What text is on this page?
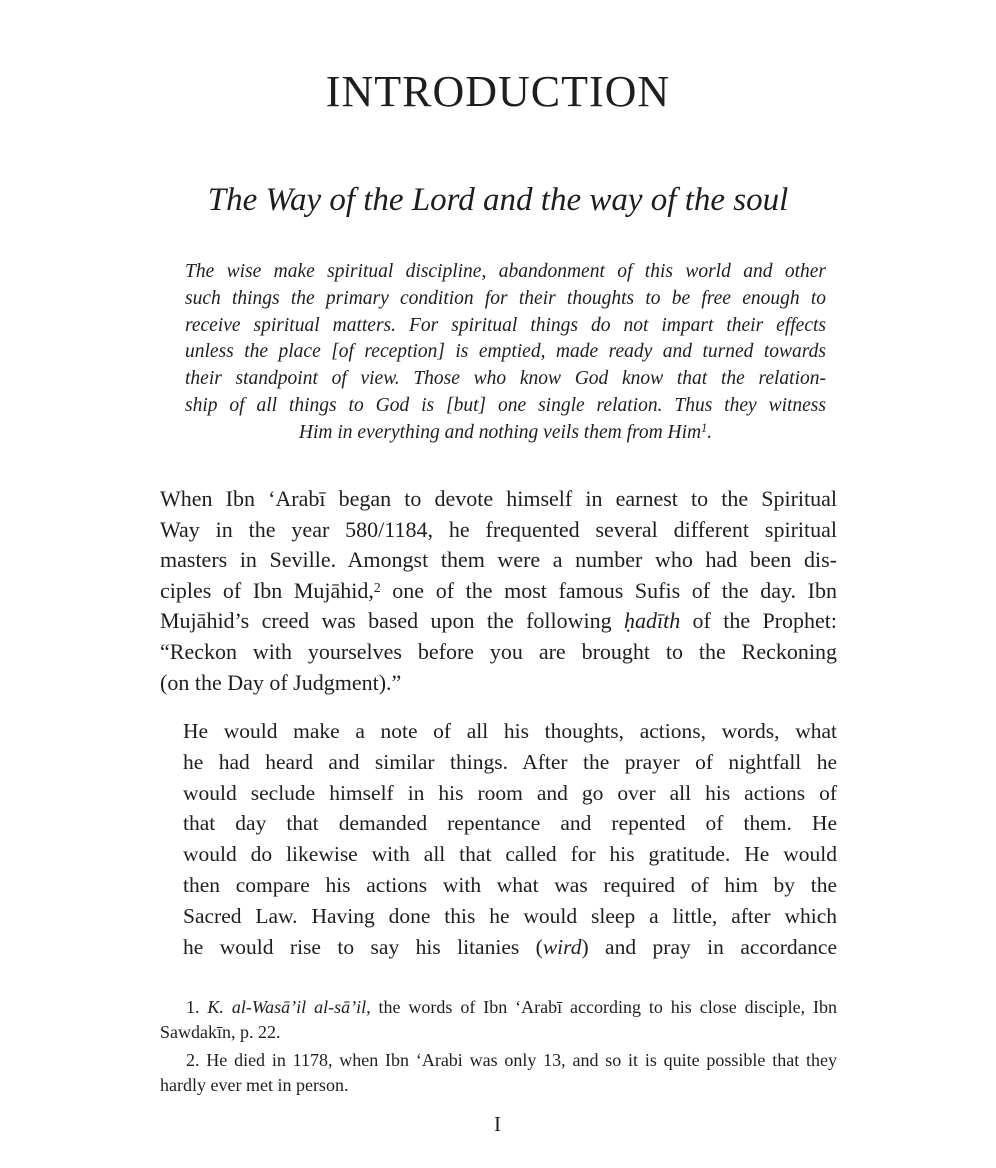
INTRODUCTION
The Way of the Lord and the way of the soul
The wise make spiritual discipline, abandonment of this world and other
such things the primary condition for their thoughts to be free enough to
receive spiritual matters. For spiritual things do not impart their effects
unless the place [of reception] is emptied, made ready and turned towards
their standpoint of view. Those who know God know that the relation-
ship of all things to God is [but] one single relation. Thus they witness
Him in everything and nothing veils them from Him$^1$.
When Ibn ‘Arabī began to devote himself in earnest to the Spiritual
Way in the year 580/1184, he frequented several different spiritual
masters in Seville. Amongst them were a number who had been dis-
ciples of Ibn Mujāhid,$^2$ one of the most famous Sufis of the day. Ibn
Mujāhid’s creed was based upon the following ḥadīth of the Prophet:
“Reckon with yourselves before you are brought to the Reckoning
(on the Day of Judgment).”
He would make a note of all his thoughts, actions, words, what
he had heard and similar things. After the prayer of nightfall he
would seclude himself in his room and go over all his actions of
that day that demanded repentance and repented of them. He
would do likewise with all that called for his gratitude. He would
then compare his actions with what was required of him by the
Sacred Law. Having done this he would sleep a little, after which
he would rise to say his litanies (wird) and pray in accordance

1. K. al-Wasā’il al-sā’il, the words of Ibn ‘Arabī according to his close disciple, Ibn Sawdakīn, p. 22.

2. He died in 1178, when Ibn ‘Arabi was only 13, and so it is quite possible that they hardly ever met in person.

I
